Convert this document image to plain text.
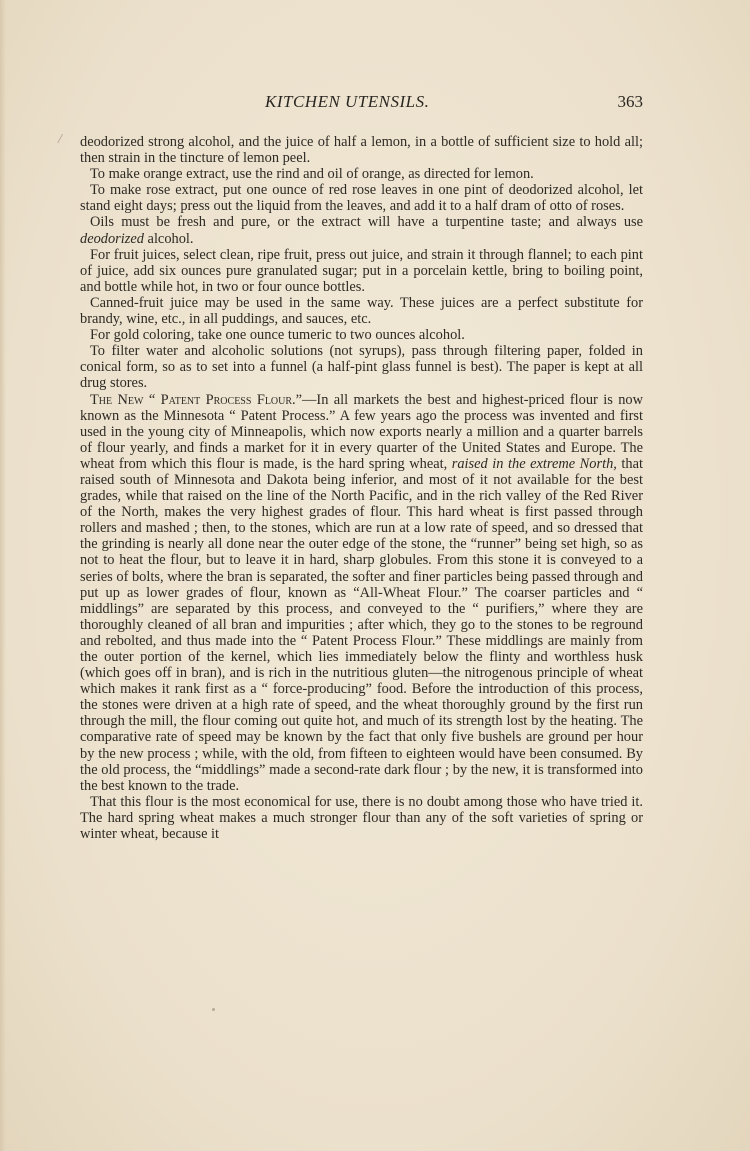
KITCHEN UTENSILS.	363
/ deodorized strong alcohol, and the juice of half a lemon, in a bottle of sufficient size to hold all; then strain in the tincture of lemon peel.

To make orange extract, use the rind and oil of orange, as directed for lemon.

To make rose extract, put one ounce of red rose leaves in one pint of deodorized alcohol, let stand eight days; press out the liquid from the leaves, and add it to a half dram of otto of roses.

Oils must be fresh and pure, or the extract will have a turpentine taste; and always use deodorized alcohol.

For fruit juices, select clean, ripe fruit, press out juice, and strain it through flannel; to each pint of juice, add six ounces pure granulated sugar; put in a porcelain kettle, bring to boiling point, and bottle while hot, in two or four ounce bottles.

Canned-fruit juice may be used in the same way. These juices are a perfect substitute for brandy, wine, etc., in all puddings, and sauces, etc.

For gold coloring, take one ounce tumeric to two ounces alcohol.

To filter water and alcoholic solutions (not syrups), pass through filtering paper, folded in conical form, so as to set into a funnel (a half-pint glass funnel is best). The paper is kept at all drug stores.

The New “ Patent Process Flour.”—In all markets the best and highest-priced flour is now known as the Minnesota “ Patent Process.” A few years ago the process was invented and first used in the young city of Minneapolis, which now exports nearly a million and a quarter barrels of flour yearly, and finds a market for it in every quarter of the United States and Europe. The wheat from which this flour is made, is the hard spring wheat, raised in the extreme North, that raised south of Minnesota and Dakota being inferior, and most of it not available for the best grades, while that raised on the line of the North Pacific, and in the rich valley of the Red River of the North, makes the very highest grades of flour. This hard wheat is first passed through rollers and mashed ; then, to the stones, which are run at a low rate of speed, and so dressed that the grinding is nearly all done near the outer edge of the stone, the “runner” being set high, so as not to heat the flour, but to leave it in hard, sharp globules. From this stone it is conveyed to a series of bolts, where the bran is separated, the softer and finer particles being passed through and put up as lower grades of flour, known as “All-Wheat Flour.” The coarser particles and “ middlings” are separated by this process, and conveyed to the “ purifiers,” where they are thoroughly cleaned of all bran and impurities ; after which, they go to the stones to be reground and rebolted, and thus made into the “ Patent Process Flour.” These middlings are mainly from the outer portion of the kernel, which lies immediately below the flinty and worthless husk (which goes off in bran), and is rich in the nutritious gluten—the nitrogenous principle of wheat which makes it rank first as a “ force-producing” food. Before the introduction of this process, the stones were driven at a high rate of speed, and the wheat thoroughly ground by the first run through the mill, the flour coming out quite hot, and much of its strength lost by the heating. The comparative rate of speed may be known by the fact that only five bushels are ground per hour by the new process ; while, with the old, from fifteen to eighteen would have been consumed. By the old process, the “middlings” made a second-rate dark flour ; by the new, it is transformed into the best known to the trade.

That this flour is the most economical for use, there is no doubt among those who have tried it. The hard spring wheat makes a much stronger flour than any of the soft varieties of spring or winter wheat, because it
